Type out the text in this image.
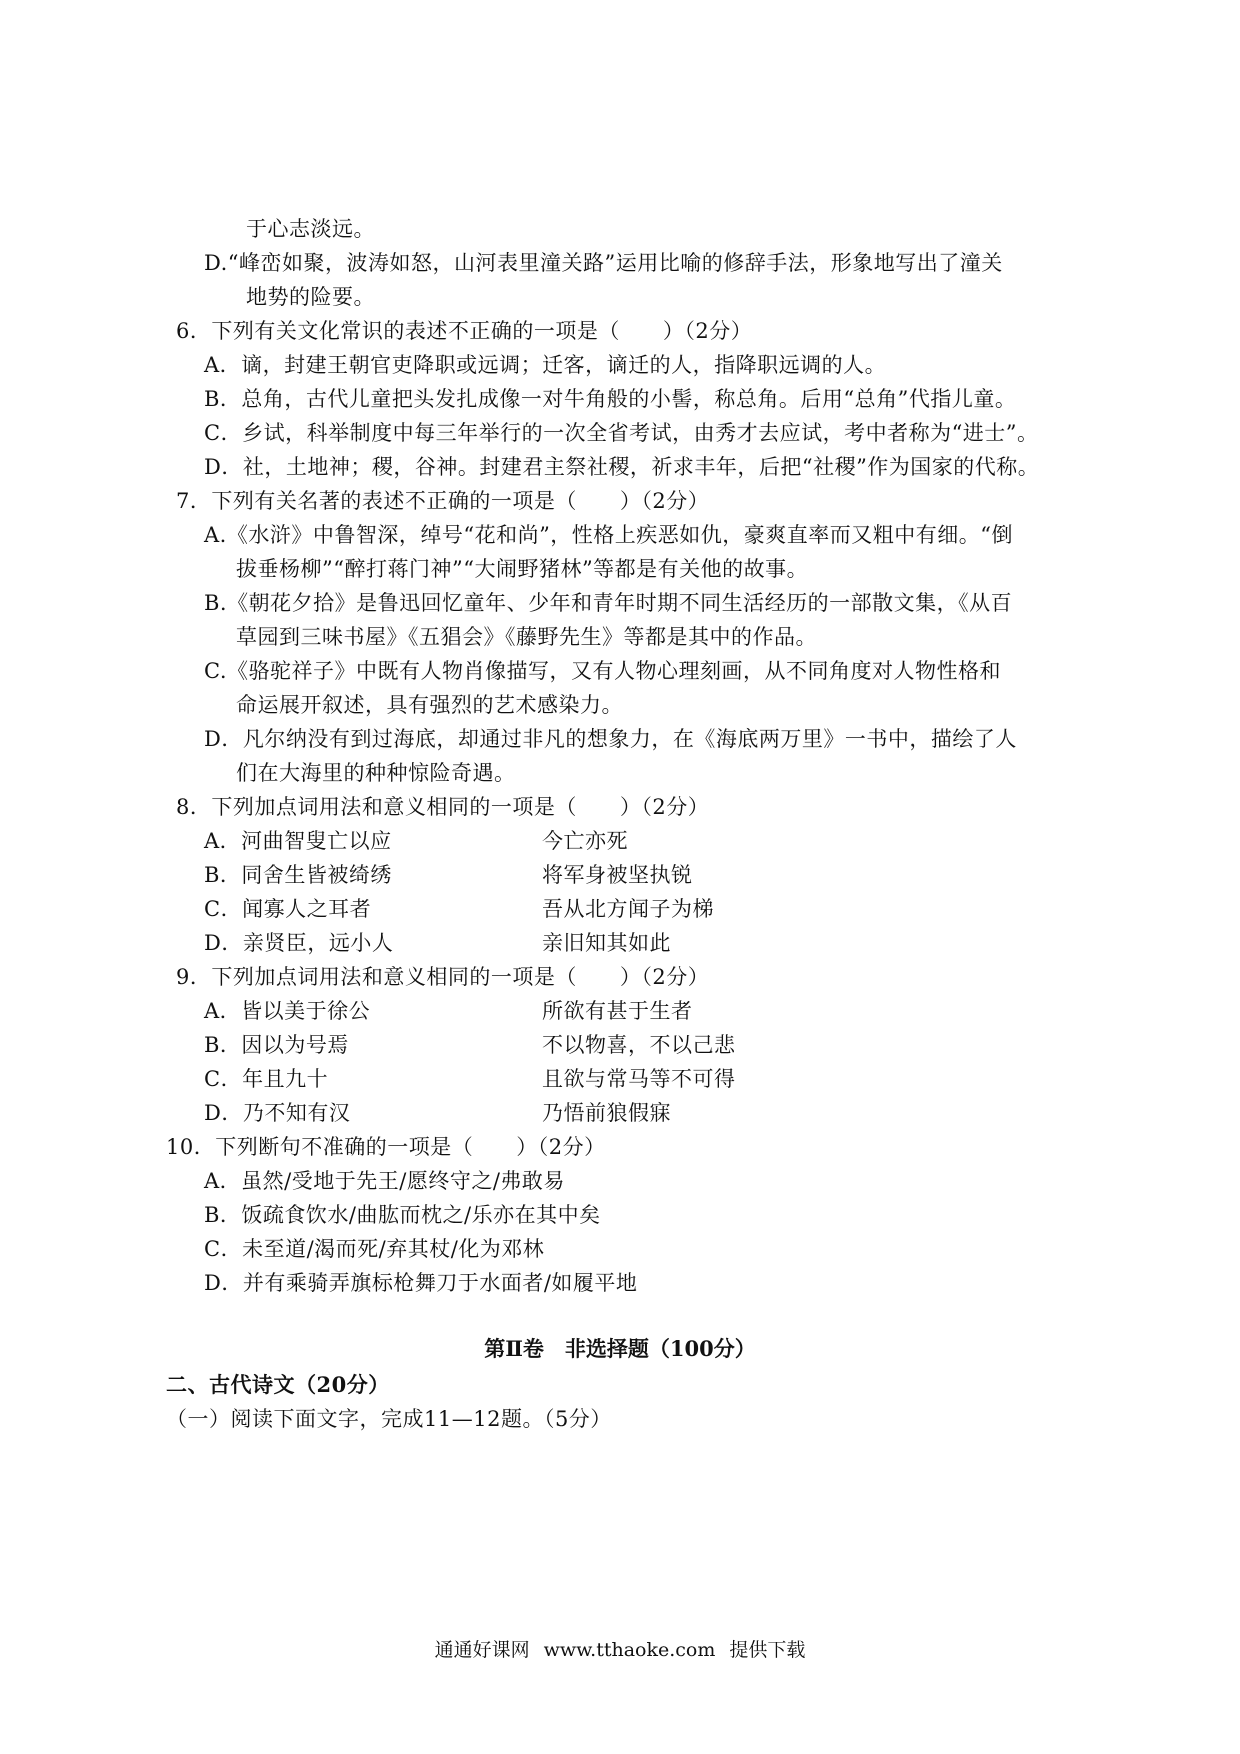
于心志淡远。
D.“峰峦如聚，波涛如怒，山河表里潼关路”运用比喻的修辞手法，形象地写出了潼关
地势的险要。
6．下列有关文化常识的表述不正确的一项是（　　）（2分）
A．谪，封建王朝官吏降职或远调；迁客，谪迁的人，指降职远调的人。
B．总角，古代儿童把头发扎成像一对牛角般的小髻，称总角。后用“总角”代指儿童。
C．乡试，科举制度中每三年举行的一次全省考试，由秀才去应试，考中者称为“进士”。
D．社，土地神；稷，谷神。封建君主祭社稷，祈求丰年，后把“社稷”作为国家的代称。
7．下列有关名著的表述不正确的一项是（　　）（2分）
A.《水浒》中鲁智深，绰号“花和尚”，性格上疾恶如仇，豪爽直率而又粗中有细。“倒
拔垂杨柳”“醉打蒋门神”“大闹野猪林”等都是有关他的故事。
B.《朝花夕拾》是鲁迅回忆童年、少年和青年时期不同生活经历的一部散文集，《从百
草园到三味书屋》《五猖会》《藤野先生》等都是其中的作品。
C.《骆驼祥子》中既有人物肖像描写，又有人物心理刻画，从不同角度对人物性格和
命运展开叙述，具有强烈的艺术感染力。
D．凡尔纳没有到过海底，却通过非凡的想象力，在《海底两万里》一书中，描绘了人
们在大海里的种种惊险奇遇。
8．下列加点词用法和意义相同的一项是（　　）（2分）
A．河曲智叟亡以应	今亡亦死
B．同舍生皆被绮绣	将军身被坚执锐
C．闻寡人之耳者	吾从北方闻子为梯
D．亲贤臣，远小人	亲旧知其如此
9．下列加点词用法和意义相同的一项是（　　）（2分）
A．皆以美于徐公	所欲有甚于生者
B．因以为号焉	不以物喜，不以己悲
C．年且九十	且欲与常马等不可得
D．乃不知有汉	乃悟前狼假寐
10．下列断句不准确的一项是（　　）（2分）
A．虽然/受地于先王/愿终守之/弗敢易
B．饭疏食饮水/曲肱而枕之/乐亦在其中矣
C．未至道/渴而死/弃其杖/化为邓林
D．并有乘骑弄旗标枪舞刀于水面者/如履平地
第Ⅱ卷　非选择题（100分）
二、古代诗文（20分）
（一）阅读下面文字，完成11—12题。（5分）
通通好课网 www.tthaoke.com 提供下载
